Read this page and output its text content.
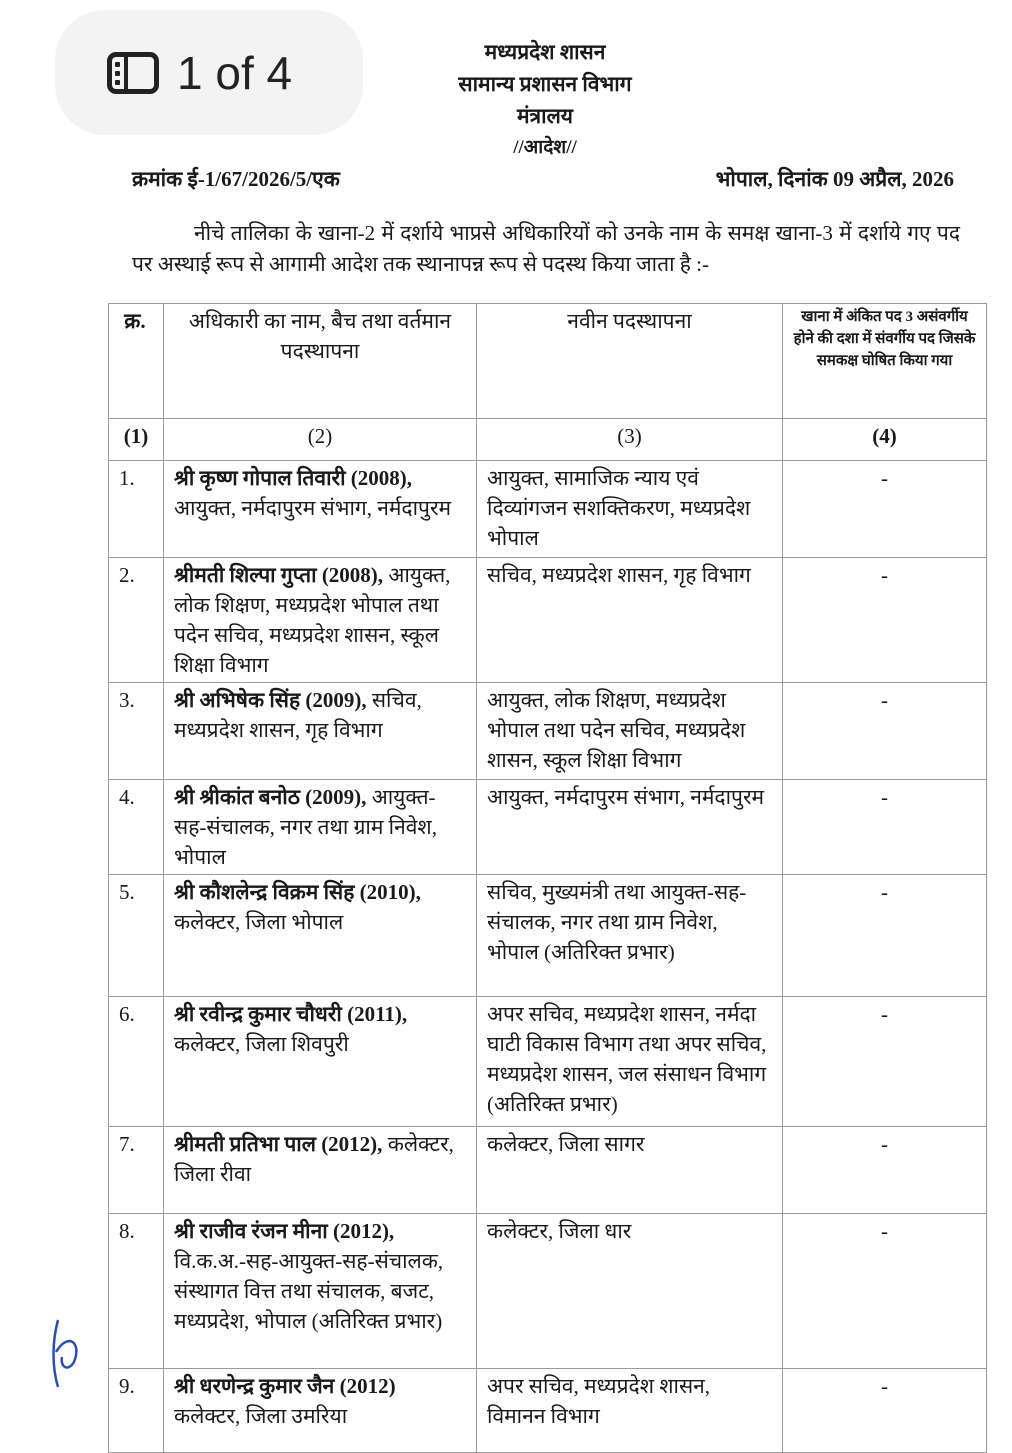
1 of 4	मध्यप्रदेश शासन
सामान्य प्रशासन विभाग
मंत्रालय
//आदेश//
क्रमांक ई-1/67/2026/5/एक	भोपाल, दिनांक 09 अप्रैल, 2026
नीचे तालिका के खाना-2 में दर्शाये भाप्रसे अधिकारियों को उनके नाम के समक्ष खाना-3 में दर्शाये गए पद पर अस्थाई रूप से आगामी आदेश तक स्थानापन्न रूप से पदस्थ किया जाता है :-
क्र.	अधिकारी का नाम, बैच तथा वर्तमान पदस्थापना	नवीन पदस्थापना	खाना में अंकित पद 3 असंवर्गीय होने की दशा में संवर्गीय पद जिसके समकक्ष घोषित किया गया
(1)	(2)	(3)	(4)
1.	श्री कृष्ण गोपाल तिवारी (2008), आयुक्त, नर्मदापुरम संभाग, नर्मदापुरम	आयुक्त, सामाजिक न्याय एवं दिव्यांगजन सशक्तिकरण, मध्यप्रदेश भोपाल	-
2.	श्रीमती शिल्पा गुप्ता (2008), आयुक्त, लोक शिक्षण, मध्यप्रदेश भोपाल तथा पदेन सचिव, मध्यप्रदेश शासन, स्कूल शिक्षा विभाग	सचिव, मध्यप्रदेश शासन, गृह विभाग	-
3.	श्री अभिषेक सिंह (2009), सचिव, मध्यप्रदेश शासन, गृह विभाग	आयुक्त, लोक शिक्षण, मध्यप्रदेश भोपाल तथा पदेन सचिव, मध्यप्रदेश शासन, स्कूल शिक्षा विभाग	-
4.	श्री श्रीकांत बनोठ (2009), आयुक्त-सह-संचालक, नगर तथा ग्राम निवेश, भोपाल	आयुक्त, नर्मदापुरम संभाग, नर्मदापुरम	-
5.	श्री कौशलेन्द्र विक्रम सिंह (2010), कलेक्टर, जिला भोपाल	सचिव, मुख्यमंत्री तथा आयुक्त-सह-संचालक, नगर तथा ग्राम निवेश, भोपाल (अतिरिक्त प्रभार)	-
6.	श्री रवीन्द्र कुमार चौधरी (2011), कलेक्टर, जिला शिवपुरी	अपर सचिव, मध्यप्रदेश शासन, नर्मदा घाटी विकास विभाग तथा अपर सचिव, मध्यप्रदेश शासन, जल संसाधन विभाग (अतिरिक्त प्रभार)	-
7.	श्रीमती प्रतिभा पाल (2012), कलेक्टर, जिला रीवा	कलेक्टर, जिला सागर	-
8.	श्री राजीव रंजन मीना (2012), वि.क.अ.-सह-आयुक्त-सह-संचालक, संस्थागत वित्त तथा संचालक, बजट, मध्यप्रदेश, भोपाल (अतिरिक्त प्रभार)	कलेक्टर, जिला धार	-
9.	श्री धरणेन्द्र कुमार जैन (2012) कलेक्टर, जिला उमरिया	अपर सचिव, मध्यप्रदेश शासन, विमानन विभाग	-
